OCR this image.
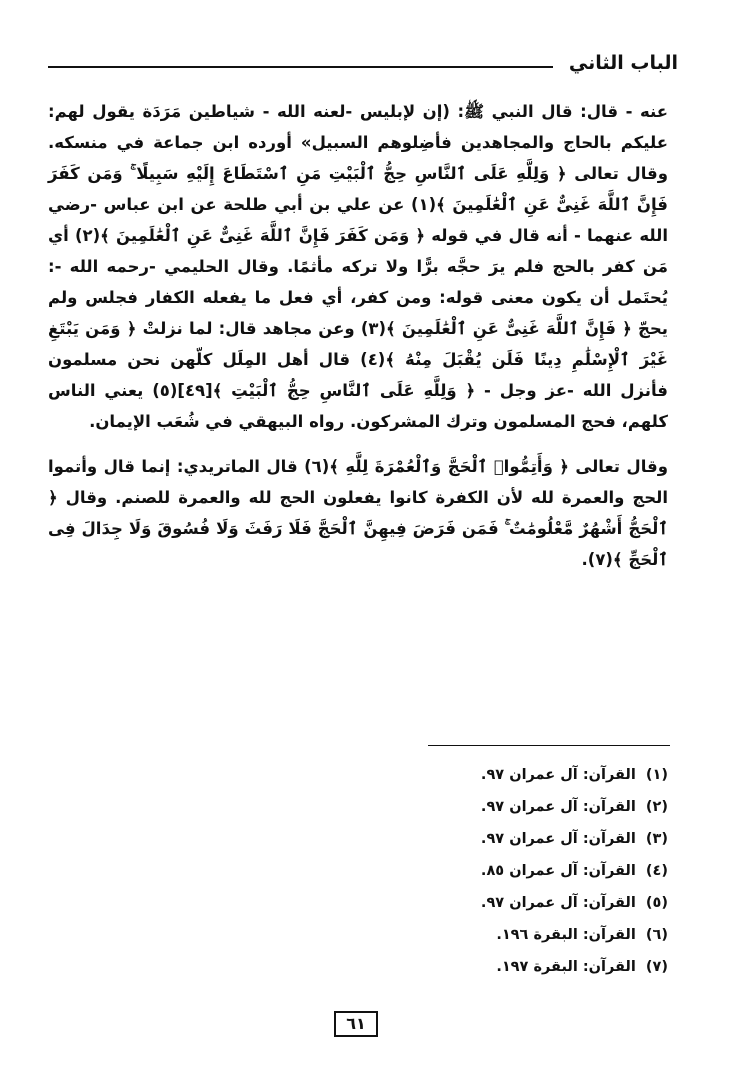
الباب الثاني

عنه - قال: قال النبي ﷺ: (إن لإبليس -لعنه الله - شياطين مَرَدَة يقول لهم: عليكم بالحاج والمجاهدين فأضِلوهم السبيل» أورده ابن جماعة في منسكه. وقال تعالى ﴿ وَلِلَّهِ عَلَى ٱلنَّاسِ حِجُّ ٱلْبَيْتِ مَنِ ٱسْتَطَاعَ إِلَيْهِ سَبِيلًا ۚ وَمَن كَفَرَ فَإِنَّ ٱللَّهَ غَنِىٌّ عَنِ ٱلْعَٰلَمِينَ ﴾(١) عن علي بن أبي طلحة عن ابن عباس -رضي الله عنهما - أنه قال في قوله ﴿ وَمَن كَفَرَ فَإِنَّ ٱللَّهَ غَنِىٌّ عَنِ ٱلْعَٰلَمِينَ ﴾(٢) أي مَن كفر بالحج فلم يرَ حجَّه برًّا ولا تركه مأثمًا. وقال الحليمي -رحمه الله -: يُحتَمل أن يكون معنى قوله: ومن كفر، أي فعل ما يفعله الكفار فجلس ولم يحجّ ﴿ فَإِنَّ ٱللَّهَ غَنِىٌّ عَنِ ٱلْعَٰلَمِينَ ﴾(٣) وعن مجاهد قال: لما نزلتْ ﴿ وَمَن يَبْتَغِ غَيْرَ ٱلْإِسْلَٰمِ دِينًا فَلَن يُقْبَلَ مِنْهُ ﴾(٤) قال أهل المِلَل كلّهن نحن مسلمون فأنزل الله -عز وجل - ﴿ وَلِلَّهِ عَلَى ٱلنَّاسِ حِجُّ ٱلْبَيْتِ ﴾[٤٩](٥) يعني الناس كلهم، فحج المسلمون وترك المشركون. رواه البيهقي في شُعَب الإيمان.

وقال تعالى ﴿ وَأَتِمُّوا۟ ٱلْحَجَّ وَٱلْعُمْرَةَ لِلَّهِ ﴾(٦) قال الماتريدي: إنما قال وأتموا الحج والعمرة لله لأن الكفرة كانوا يفعلون الحج لله والعمرة للصنم. وقال ﴿ ٱلْحَجُّ أَشْهُرٌ مَّعْلُومَٰتٌ ۚ فَمَن فَرَضَ فِيهِنَّ ٱلْحَجَّ فَلَا رَفَثَ وَلَا فُسُوقَ وَلَا جِدَالَ فِى ٱلْحَجِّ ﴾(٧).

(١)القرآن: آل عمران ٩٧.
(٢)القرآن: آل عمران ٩٧.
(٣)القرآن: آل عمران ٩٧.
(٤)القرآن: آل عمران ٨٥.
(٥)القرآن: آل عمران ٩٧.
(٦)القرآن: البقرة ١٩٦.
(٧)القرآن: البقرة ١٩٧.
٦١
